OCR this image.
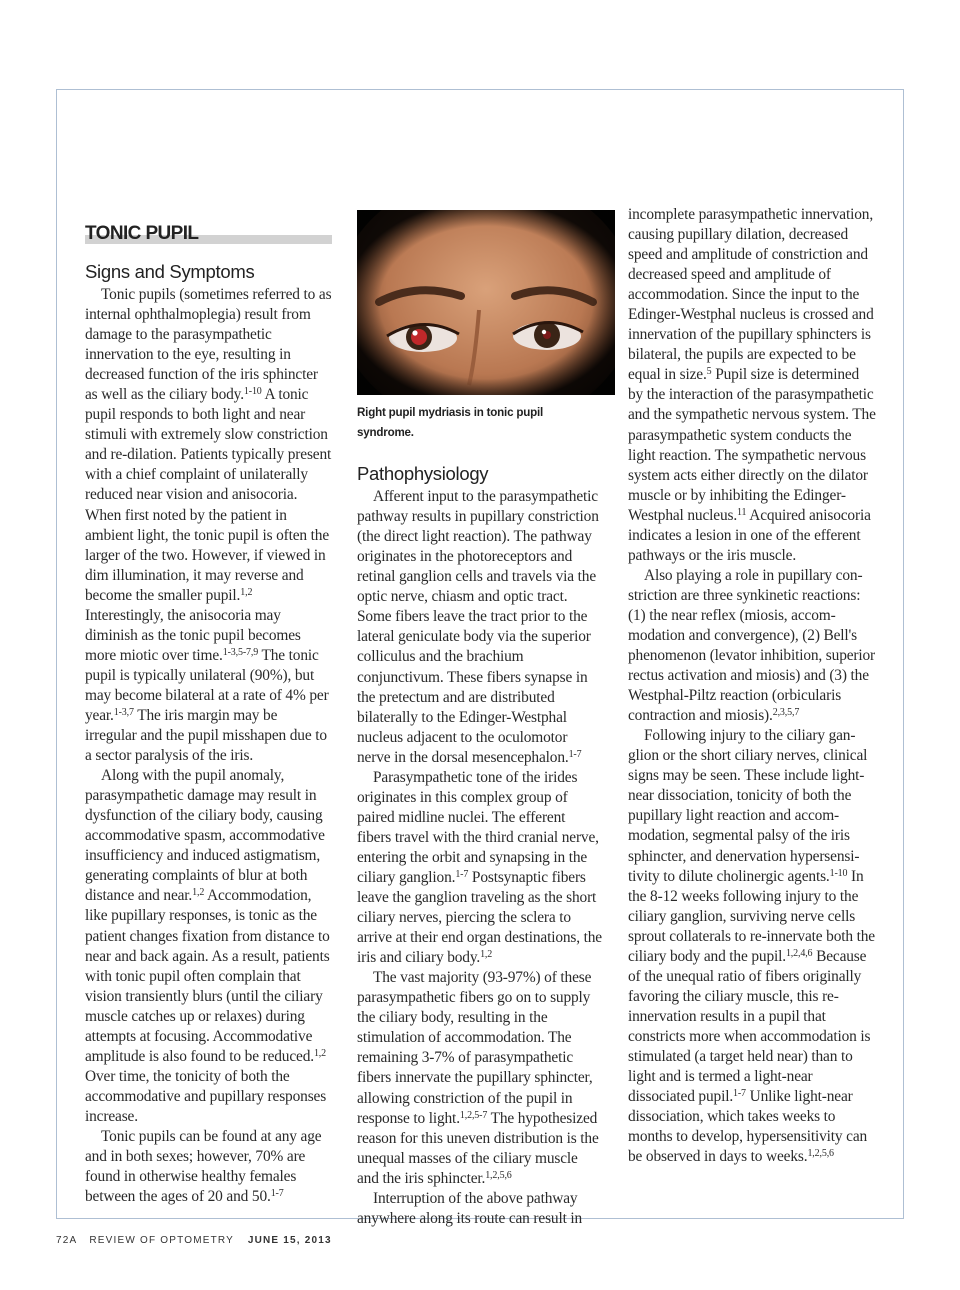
TONIC PUPIL
Signs and Symptoms

Tonic pupils (sometimes referred to as internal ophthalmoplegia) result from damage to the parasympathetic innervation to the eye, resulting in decreased function of the iris sphincter as well as the ciliary body.$^{1-10}$ A tonic pupil responds to both light and near stimuli with extremely slow constriction and re-dilation. Patients typically present with a chief complaint of unilaterally reduced near vision and anisocoria. When first noted by the patient in ambient light, the tonic pupil is often the larger of the two. However, if viewed in dim illumination, it may reverse and become the smaller pupil.$^{1,2}$ Interestingly, the anisocoria may diminish as the tonic pupil becomes more miotic over time.$^{1-3,5-7,9}$ The tonic pupil is typically unilateral (90%), but may become bilateral at a rate of 4% per year.$^{1-3,7}$ The iris margin may be irregular and the pupil misshapen due to a sector paralysis of the iris.

Along with the pupil anomaly, parasympathetic damage may result in dysfunction of the ciliary body, causing accommodative spasm, accommodative insufficiency and induced astigmatism, generating complaints of blur at both distance and near.$^{1,2}$ Accommodation, like pupillary responses, is tonic as the patient changes fixation from distance to near and back again. As a result, patients with tonic pupil often complain that vision transiently blurs (until the ciliary muscle catches up or relaxes) during attempts at focusing. Accommodative amplitude is also found to be reduced.$^{1,2}$ Over time, the tonicity of both the accommodative and pupillary responses increase.

Tonic pupils can be found at any age and in both sexes; however, 70% are found in otherwise healthy females between the ages of 20 and 50.$^{1-7}$

Right pupil mydriasis in tonic pupil syndrome.
Pathophysiology

Afferent input to the parasympathetic pathway results in pupillary constriction (the direct light reaction). The pathway originates in the photoreceptors and retinal ganglion cells and travels via the optic nerve, chiasm and optic tract. Some fibers leave the tract prior to the lateral geniculate body via the superior colliculus and the brachium conjunctivum. These fibers synapse in the pretectum and are distributed bilaterally to the Edinger-Westphal nucleus adjacent to the oculomotor nerve in the dorsal mesencephalon.$^{1-7}$

Parasympathetic tone of the irides originates in this complex group of paired midline nuclei. The efferent fibers travel with the third cranial nerve, entering the orbit and synapsing in the ciliary ganglion.$^{1-7}$ Postsynaptic fibers leave the ganglion traveling as the short ciliary nerves, piercing the sclera to arrive at their end organ destinations, the iris and ciliary body.$^{1,2}$

The vast majority (93-97%) of these parasympathetic fibers go on to supply the ciliary body, resulting in the stimulation of accommodation. The remaining 3-7% of parasympathetic fibers innervate the pupillary sphincter, allowing constriction of the pupil in response to light.$^{1,2,5-7}$ The hypothesized reason for this uneven distribution is the unequal masses of the ciliary muscle and the iris sphincter.$^{1,2,5,6}$

Interruption of the above pathway anywhere along its route can result in

incomplete parasympathetic innervation, causing pupillary dilation, decreased speed and amplitude of constriction and decreased speed and amplitude of accommodation. Since the input to the Edinger-Westphal nucleus is crossed and innervation of the pupillary sphincters is bilateral, the pupils are expected to be equal in size.$^5$ Pupil size is determined by the interaction of the parasympathetic and the sympathetic nervous system. The parasympathetic system conducts the light reaction. The sympathetic nervous system acts either directly on the dilator muscle or by inhibiting the Edinger-Westphal nucleus.$^{11}$ Acquired anisocoria indicates a lesion in one of the efferent pathways or the iris muscle.

Also playing a role in pupillary constriction are three synkinetic reactions: (1) the near reflex (miosis, accommodation and convergence), (2) Bell's phenomenon (levator inhibition, superior rectus activation and miosis) and (3) the Westphal-Piltz reaction (orbicularis contraction and miosis).$^{2,3,5,7}$

Following injury to the ciliary ganglion or the short ciliary nerves, clinical signs may be seen. These include light-near dissociation, tonicity of both the pupillary light reaction and accommodation, segmental palsy of the iris sphincter, and denervation hypersensitivity to dilute cholinergic agents.$^{1-10}$ In the 8-12 weeks following injury to the ciliary ganglion, surviving nerve cells sprout collaterals to re-innervate both the ciliary body and the pupil.$^{1,2,4,6}$ Because of the unequal ratio of fibers originally favoring the ciliary muscle, this re-innervation results in a pupil that constricts more when accommodation is stimulated (a target held near) than to light and is termed a light-near dissociated pupil.$^{1-7}$ Unlike light-near dissociation, which takes weeks to months to develop, hypersensitivity can be observed in days to weeks.$^{1,2,5,6}$

72A REVIEW OF OPTOMETRY JUNE 15, 2013
